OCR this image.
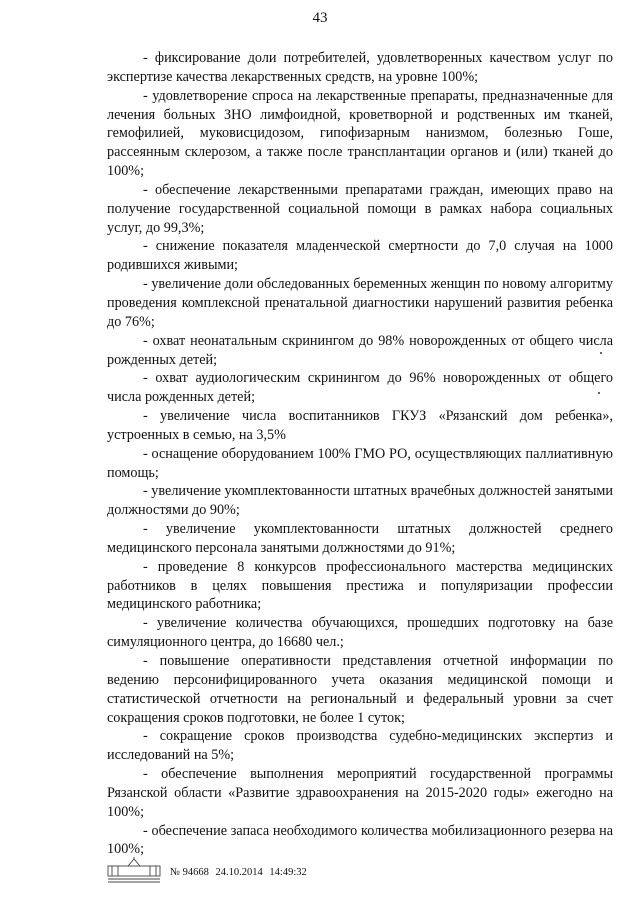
43

- фиксирование доли потребителей, удовлетворенных качеством услуг по экспертизе качества лекарственных средств, на уровне 100%;

- удовлетворение спроса на лекарственные препараты, предназначенные для лечения больных ЗНО лимфоидной, кроветворной и родственных им тканей, гемофилией, муковисцидозом, гипофизарным нанизмом, болезнью Гоше, рассеянным склерозом, а также после трансплантации органов и (или) тканей до 100%;

- обеспечение лекарственными препаратами граждан, имеющих право на получение государственной социальной помощи в рамках набора социальных услуг, до 99,3%;

- снижение показателя младенческой смертности до 7,0 случая на 1000 родившихся живыми;

- увеличение доли обследованных беременных женщин по новому алгоритму проведения комплексной пренатальной диагностики нарушений развития ребенка до 76%;

- охват неонатальным скринингом до 98% новорожденных от общего числа рожденных детей;

- охват аудиологическим скринингом до 96% новорожденных от общего числа рожденных детей;

- увеличение числа воспитанников ГКУЗ «Рязанский дом ребенка», устроенных в семью, на 3,5%

- оснащение оборудованием 100% ГМО РО, осуществляющих паллиативную помощь;

- увеличение укомплектованности штатных врачебных должностей занятыми должностями до 90%;

- увеличение укомплектованности штатных должностей среднего медицинского персонала занятыми должностями до 91%;

- проведение 8 конкурсов профессионального мастерства медицинских работников в целях повышения престижа и популяризации профессии медицинского работника;

- увеличение количества обучающихся, прошедших подготовку на базе симуляционного центра, до 16680 чел.;

- повышение оперативности представления отчетной информации по ведению персонифицированного учета оказания медицинской помощи и статистической отчетности на региональный и федеральный уровни за счет сокращения сроков подготовки, не более 1 суток;

- сокращение сроков производства судебно-медицинских экспертиз и исследований на 5%;

- обеспечение выполнения мероприятий государственной программы Рязанской области «Развитие здравоохранения на 2015-2020 годы» ежегодно на 100%;

- обеспечение запаса необходимого количества мобилизационного резерва на 100%;

№ 94668 24.10.2014 14:49:32
